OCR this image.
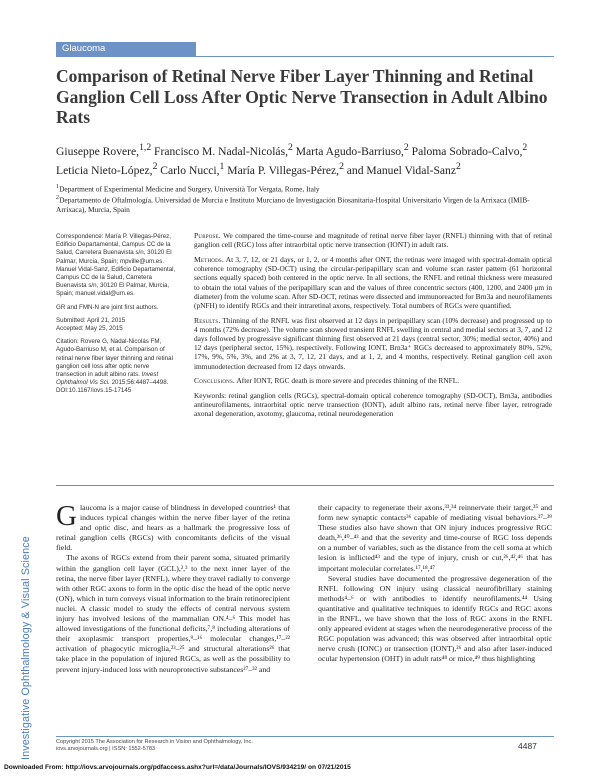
Glaucoma
Comparison of Retinal Nerve Fiber Layer Thinning and Retinal Ganglion Cell Loss After Optic Nerve Transection in Adult Albino Rats
Giuseppe Rovere,$^{1,2}$ Francisco M. Nadal-Nicolás,$^2$ Marta Agudo-Barriuso,$^2$ Paloma Sobrado-Calvo,$^2$
Leticia Nieto-López,$^2$ Carlo Nucci,$^1$ María P. Villegas-Pérez,$^2$ and Manuel Vidal-Sanz$^2$
$^1$Department of Experimental Medicine and Surgery, Università Tor Vergata, Rome, Italy
$^2$Departamento de Oftalmología, Universidad de Murcia e Instituto Murciano de Investigación Biosanitaria-Hospital Universitario Virgen de la Arrixaca (IMIB-Arrixaca), Murcia, Spain

Correspondence: María P. Villegas-Pérez, Edificio Departamental, Campus CC de la Salud, Carretera Buenavista s/n, 30120 El Palmar, Murcia, Spain; mpville@um.es.
Manuel Vidal-Sanz, Edificio Departamental, Campus CC de la Salud, Carretera Buenavista s/n, 30120 El Palmar, Murcia, Spain; manuel.vidal@um.es.

GR and FMN-N are joint first authors.

Submitted: April 21, 2015
Accepted: May 25, 2015

Citation: Rovere G, Nadal-Nicolás FM, Agudo-Barriuso M, et al. Comparison of retinal nerve fiber layer thinning and retinal ganglion cell loss after optic nerve transection in adult albino rats. Invest Ophthalmol Vis Sci. 2015;56:4487–4498. DOI:10.1167/iovs.15-17145

Purpose. We compared the time-course and magnitude of retinal nerve fiber layer (RNFL) thinning with that of retinal ganglion cell (RGC) loss after intraorbital optic nerve transection (IONT) in adult rats.

Methods. At 3, 7, 12, or 21 days, or 1, 2, or 4 months after ONT, the retinas were imaged with spectral-domain optical coherence tomography (SD-OCT) using the circular-peripapillary scan and volume scan raster pattern (61 horizontal sections equally spaced) both centered in the optic nerve. In all sections, the RNFL and retinal thickness were measured to obtain the total values of the peripapillary scan and the values of three concentric sectors (400, 1200, and 2400 μm in diameter) from the volume scan. After SD-OCT, retinas were dissected and immunoreacted for Brn3a and neurofilaments (pNFH) to identify RGCs and their intraretinal axons, respectively. Total numbers of RGCs were quantified.

Results. Thinning of the RNFL was first observed at 12 days in peripapillary scan (10% decrease) and progressed up to 4 months (72% decrease). The volume scan showed transient RNFL swelling in central and medial sectors at 3, 7, and 12 days followed by progressive significant thinning first observed at 21 days (central sector, 30%; medial sector, 40%) and 12 days (peripheral sector, 15%), respectively. Following IONT, Brn3a⁺ RGCs decreased to approximately 80%, 52%, 17%, 9%, 5%, 3%, and 2% at 3, 7, 12, 21 days, and at 1, 2, and 4 months, respectively. Retinal ganglion cell axon immunodetection decreased from 12 days onwards.

Conclusions. After IONT, RGC death is more severe and precedes thinning of the RNFL.

Keywords: retinal ganglion cells (RGCs), spectral-domain optical coherence tomography (SD-OCT), Brn3a, antibodies antineurofilaments, intraorbital optic nerve transection (IONT), adult albino rats, retinal nerve fiber layer, retrograde axonal degeneration, axotomy, glaucoma, retinal neurodegeneration

Investigative Ophthalmology & Visual Science

Glaucoma is a major cause of blindness in developed countries¹ that induces typical changes within the nerve fiber layer of the retina and optic disc, and hears as a hallmark the progressive loss of retinal ganglion cells (RGCs) with concomitants deficits of the visual field.

The axons of RGCs extend from their parent soma, situated primarily within the ganglion cell layer (GCL),²,³ to the next inner layer of the retina, the nerve fiber layer (RNFL), where they travel radially to converge with other RGC axons to form in the optic disc the head of the optic nerve (ON), which in turn conveys visual information to the brain retinorecipient nuclei. A classic model to study the effects of central nervous system injury has involved lesions of the mammalian ON.⁴–⁶ This model has allowed investigations of the functional deficits,⁷,⁸ including alterations of their axoplasmic transport properties,⁹–¹⁶ molecular changes,¹⁷–²² activation of phagocytic microglia,²³–²⁵ and structural alterations²⁶ that take place in the population of injured RGCs, as well as the possibility to prevent injury-induced loss with neuroprotective substances²⁷–³² and

their capacity to regenerate their axons,³³,³⁴ reinnervate their target,³⁵ and form new synaptic contacts³⁶ capable of mediating visual behaviors.³⁷–³⁹ These studies also have shown that ON injury induces progressive RGC death,²⁶,⁴⁰–⁴³ and that the severity and time-course of RGC loss depends on a number of variables, such as the distance from the cell soma at which lesion is inflicted⁴³ and the type of injury, crush or cut,²⁶,⁴²,⁴⁶ that has important molecular correlates.¹⁷,¹⁸,⁴⁷

Several studies have documented the progressive degeneration of the RNFL following ON injury using classical neurofibrillary staining methods⁴–⁶ or with antibodies to identify neurofilaments.⁴⁴ Using quantitative and qualitative techniques to identify RGCs and RGC axons in the RNFL, we have shown that the loss of RGC axons in the RNFL only appeared evident at stages when the neurodegenerative process of the RGC population was advanced; this was observed after intraorbital optic nerve crush (IONC) or transection (IONT),²⁶ and also after laser-induced ocular hypertension (OHT) in adult rats⁴⁸ or mice,⁴⁹ thus highlighting

Copyright 2015 The Association for Research in Vision and Ophthalmology, Inc.
iovs.arvojournals.org | ISSN: 1552-5783	4487
Downloaded From: http://iovs.arvojournals.org/pdfaccess.ashx?url=/data/Journals/IOVS/934219/ on 07/21/2015
